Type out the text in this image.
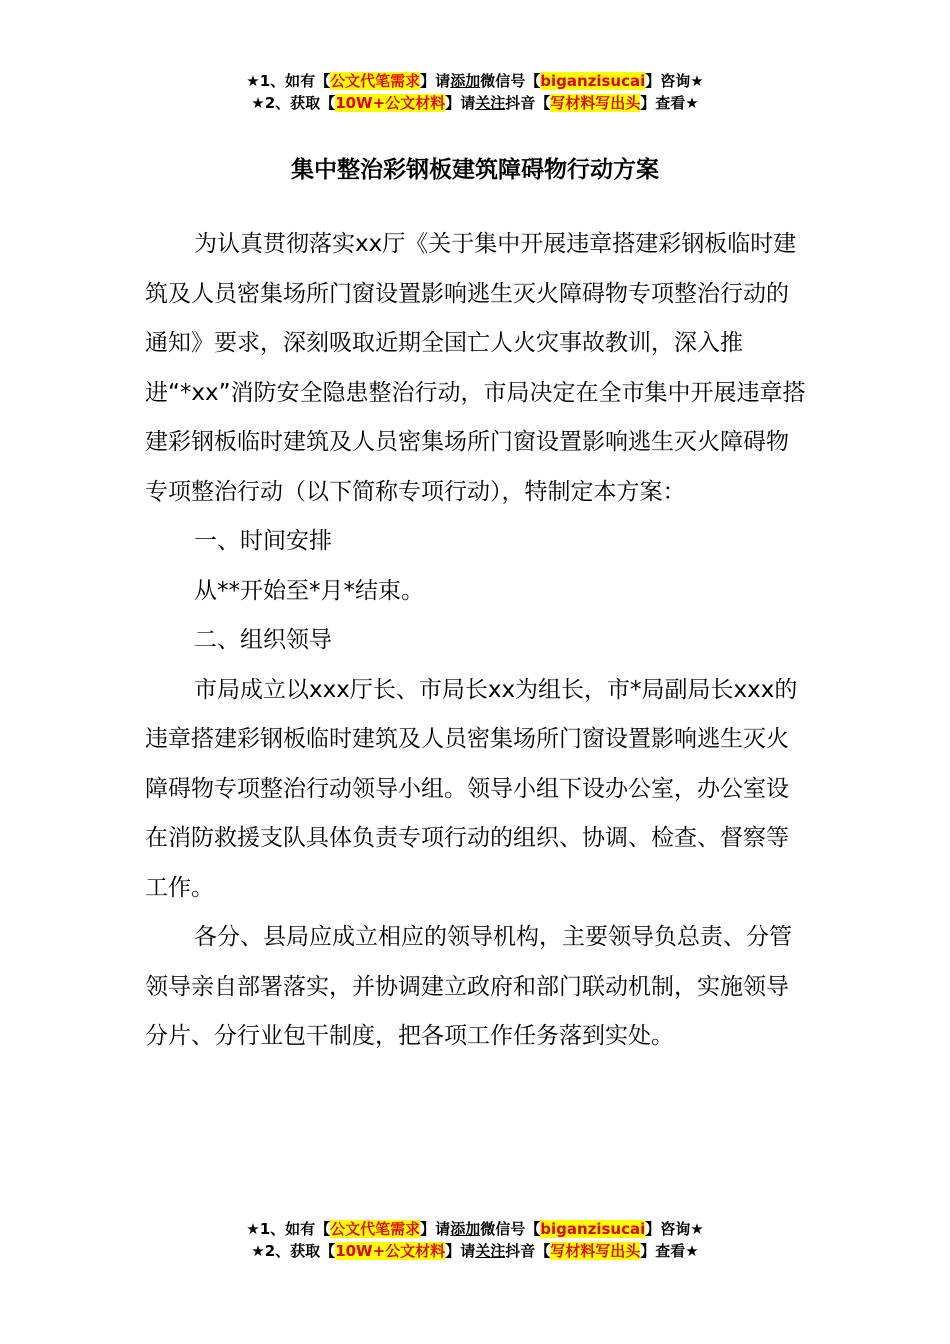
★1、如有【公文代笔需求】请添加微信号【biganzisucai】咨询★
★2、获取【10W+公文材料】请关注抖音【写材料写出头】查看★
集中整治彩钢板建筑障碍物行动方案

为认真贯彻落实xx厅《关于集中开展违章搭建彩钢板临时建筑及人员密集场所门窗设置影响逃生灭火障碍物专项整治行动的通知》要求，深刻吸取近期全国亡人火灾事故教训，深入推进“*xx”消防安全隐患整治行动，市局决定在全市集中开展违章搭建彩钢板临时建筑及人员密集场所门窗设置影响逃生灭火障碍物专项整治行动（以下简称专项行动），特制定本方案：

一、时间安排

从**开始至*月*结束。

二、组织领导

市局成立以xxx厅长、市局长xx为组长，市*局副局长xxx的违章搭建彩钢板临时建筑及人员密集场所门窗设置影响逃生灭火障碍物专项整治行动领导小组。领导小组下设办公室，办公室设在消防救援支队具体负责专项行动的组织、协调、检查、督察等工作。

各分、县局应成立相应的领导机构，主要领导负总责、分管领导亲自部署落实，并协调建立政府和部门联动机制，实施领导分片、分行业包干制度，把各项工作任务落到实处。

★1、如有【公文代笔需求】请添加微信号【biganzisucai】咨询★
★2、获取【10W+公文材料】请关注抖音【写材料写出头】查看★
